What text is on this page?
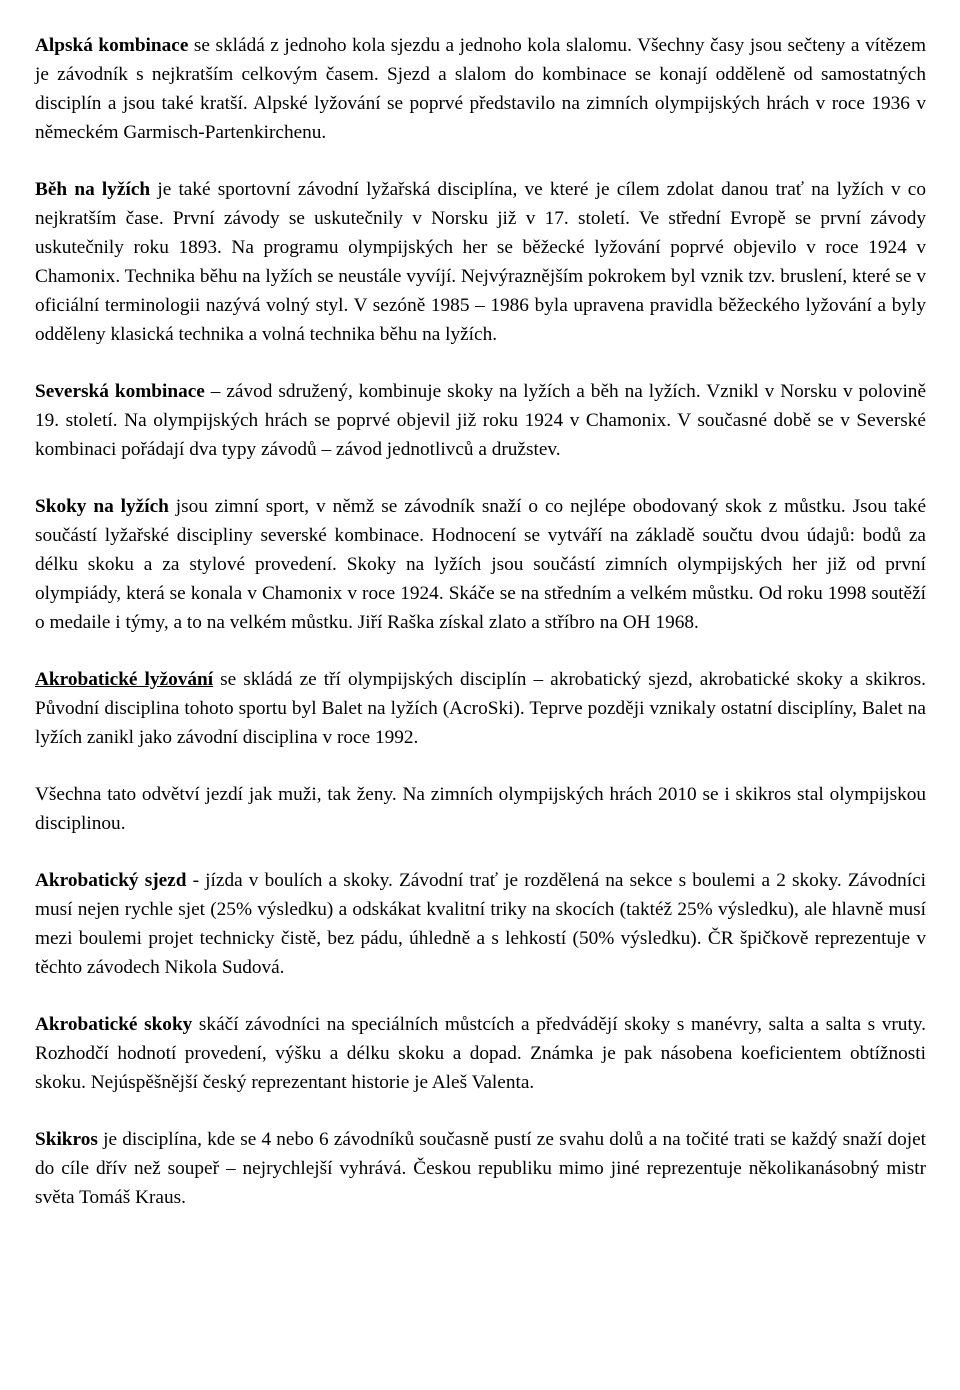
Alpská kombinace se skládá z jednoho kola sjezdu a jednoho kola slalomu. Všechny časy jsou sečteny a vítězem je závodník s nejkratším celkovým časem. Sjezd a slalom do kombinace se konají odděleně od samostatných disciplín a jsou také kratší. Alpské lyžování se poprvé představilo na zimních olympijských hrách v roce 1936 v německém Garmisch-Partenkirchenu.

Běh na lyžích je také sportovní závodní lyžařská disciplína, ve které je cílem zdolat danou trať na lyžích v co nejkratším čase. První závody se uskutečnily v Norsku již v 17. století. Ve střední Evropě se první závody uskutečnily roku 1893. Na programu olympijských her se běžecké lyžování poprvé objevilo v roce 1924 v Chamonix. Technika běhu na lyžích se neustále vyvíjí. Nejvýraznějším pokrokem byl vznik tzv. bruslení, které se v oficiální terminologii nazývá volný styl. V sezóně 1985 – 1986 byla upravena pravidla běžeckého lyžování a byly odděleny klasická technika a volná technika běhu na lyžích.

Severská kombinace – závod sdružený, kombinuje skoky na lyžích a běh na lyžích. Vznikl v Norsku v polovině 19. století. Na olympijských hrách se poprvé objevil již roku 1924 v Chamonix. V současné době se v Severské kombinaci pořádají dva typy závodů – závod jednotlivců a družstev.

Skoky na lyžích jsou zimní sport, v němž se závodník snaží o co nejlépe obodovaný skok z můstku. Jsou také součástí lyžařské discipliny severské kombinace. Hodnocení se vytváří na základě součtu dvou údajů: bodů za délku skoku a za stylové provedení. Skoky na lyžích jsou součástí zimních olympijských her již od první olympiády, která se konala v Chamonix v roce 1924. Skáče se na středním a velkém můstku. Od roku 1998 soutěží o medaile i týmy, a to na velkém můstku. Jiří Raška získal zlato a stříbro na OH 1968.

Akrobatické lyžování se skládá ze tří olympijských disciplín – akrobatický sjezd, akrobatické skoky a skikros. Původní disciplina tohoto sportu byl Balet na lyžích (AcroSki). Teprve později vznikaly ostatní disciplíny, Balet na lyžích zanikl jako závodní disciplina v roce 1992.

Všechna tato odvětví jezdí jak muži, tak ženy. Na zimních olympijských hrách 2010 se i skikros stal olympijskou disciplinou.

Akrobatický sjezd - jízda v boulích a skoky. Závodní trať je rozdělená na sekce s boulemi a 2 skoky. Závodníci musí nejen rychle sjet (25% výsledku) a odskákat kvalitní triky na skocích (taktéž 25% výsledku), ale hlavně musí mezi boulemi projet technicky čistě, bez pádu, úhledně a s lehkostí (50% výsledku). ČR špičkově reprezentuje v těchto závodech Nikola Sudová.

Akrobatické skoky skáčí závodníci na speciálních můstcích a předvádějí skoky s manévry, salta a salta s vruty. Rozhodčí hodnotí provedení, výšku a délku skoku a dopad. Známka je pak násobena koeficientem obtížnosti skoku. Nejúspěšnější český reprezentant historie je Aleš Valenta.

Skikros je disciplína, kde se 4 nebo 6 závodníků současně pustí ze svahu dolů a na točité trati se každý snaží dojet do cíle dřív než soupeř – nejrychlejší vyhrává. Českou republiku mimo jiné reprezentuje několikanásobný mistr světa Tomáš Kraus.
